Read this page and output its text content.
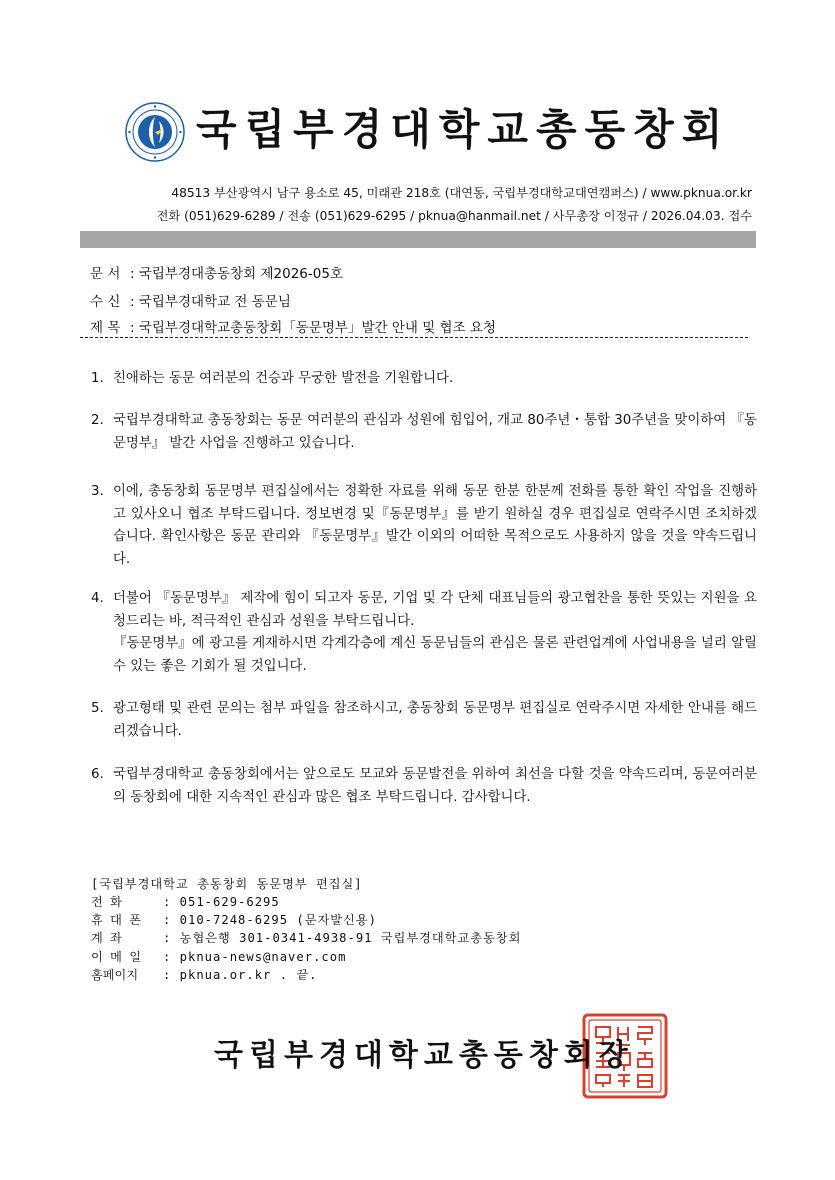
국립부경대학교총동창회
48513 부산광역시 남구 용소로 45, 미래관 218호 (대연동, 국립부경대학교대연캠퍼스) / www.pknua.or.kr
전화 (051)629-6289 / 전송 (051)629-6295 / pknua@hanmail.net / 사무총장 이정규 / 2026.04.03. 접수
문 서 : 국립부경대총동창회 제2026-05호
수 신 : 국립부경대학교 전 동문님
제 목 : 국립부경대학교총동창회「동문명부」발간 안내 및 협조 요청
1. 친애하는 동문 여러분의 건승과 무궁한 발전을 기원합니다.
2. 국립부경대학교 총동창회는 동문 여러분의 관심과 성원에 힘입어, 개교 80주년・통합 30주년을 맞이하여 『동문명부』 발간 사업을 진행하고 있습니다.
3. 이에, 총동창회 동문명부 편집실에서는 정확한 자료를 위해 동문 한분 한분께 전화를 통한 확인 작업을 진행하고 있사오니 협조 부탁드립니다. 정보변경 및『동문명부』를 받기 원하실 경우 편집실로 연락주시면 조치하겠습니다. 확인사항은 동문 관리와 『동문명부』발간 이외의 어떠한 목적으로도 사용하지 않을 것을 약속드립니다.
4. 더불어 『동문명부』 제작에 힘이 되고자 동문, 기업 및 각 단체 대표님들의 광고협찬을 통한 뜻있는 지원을 요청드리는 바, 적극적인 관심과 성원을 부탁드립니다.
『동문명부』에 광고를 게재하시면 각계각층에 계신 동문님들의 관심은 물론 관련업계에 사업내용을 널리 알릴 수 있는 좋은 기회가 될 것입니다.
5. 광고형태 및 관련 문의는 첨부 파일을 참조하시고, 총동창회 동문명부 편집실로 연락주시면 자세한 안내를 해드리겠습니다.
6. 국립부경대학교 총동창회에서는 앞으로도 모교와 동문발전을 위하여 최선을 다할 것을 약속드리며, 동문여러분의 동창회에 대한 지속적인 관심과 많은 협조 부탁드립니다. 감사합니다.
[국립부경대학교 총동창회 동문명부 편집실]
전 화	: 051-629-6295
휴 대 폰 : 010-7248-6295 (문자발신용)
계 좌	: 농협은행 301-0341-4938-91 국립부경대학교총동창회
이 메 일 : pknua-news@naver.com
홈페이지 : pknua.or.kr . 끝.
국립부경대학교총동창회장
